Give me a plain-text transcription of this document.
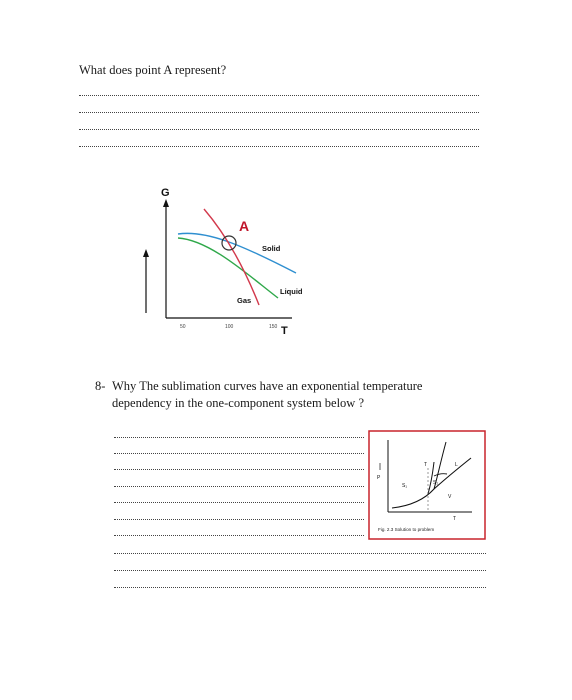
What does point A represent?
G
A
Solid
Liquid
Gas
50	100	150 T
8- Why The sublimation curves have an exponential temperature
dependency in the one-component system below ?
P
S₁	S₂
L
V
T
T
Fig. 2.3 Solution to problem
